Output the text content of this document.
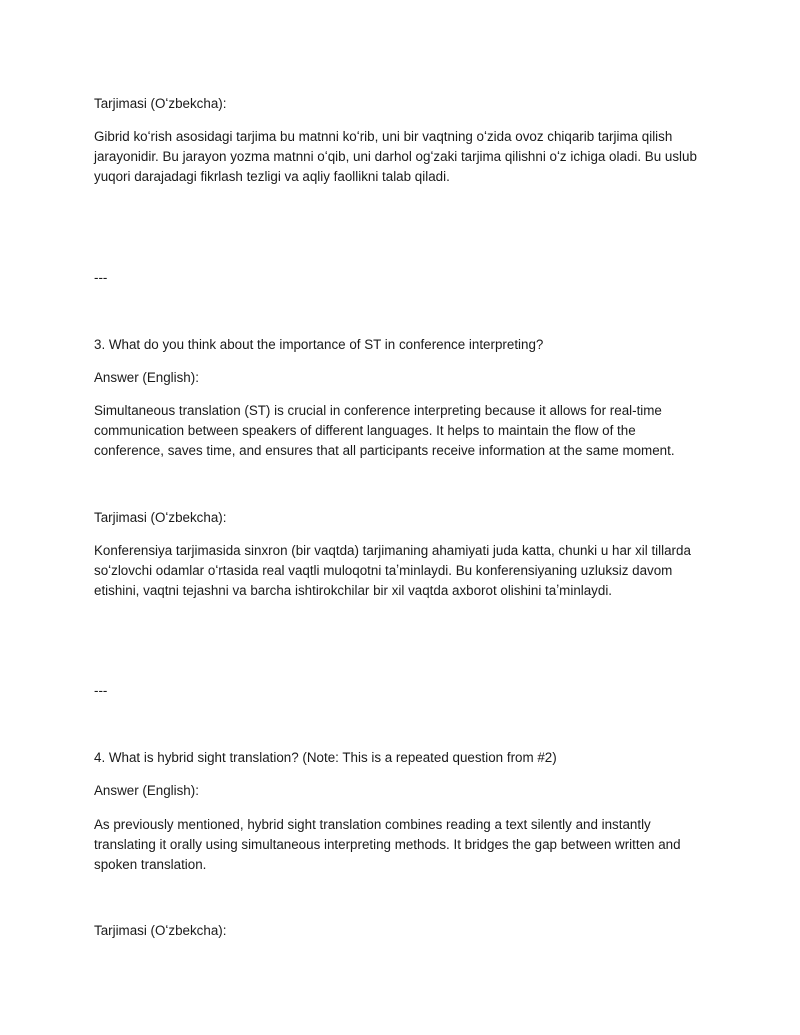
Tarjimasi (Oʻzbekcha):

Gibrid koʻrish asosidagi tarjima bu matnni koʻrib, uni bir vaqtning oʻzida ovoz chiqarib tarjima qilish
jarayonidir. Bu jarayon yozma matnni oʻqib, uni darhol ogʻzaki tarjima qilishni oʻz ichiga oladi. Bu uslub
yuqori darajadagi fikrlash tezligi va aqliy faollikni talab qiladi.

---

3. What do you think about the importance of ST in conference interpreting?

Answer (English):

Simultaneous translation (ST) is crucial in conference interpreting because it allows for real-time
communication between speakers of different languages. It helps to maintain the flow of the
conference, saves time, and ensures that all participants receive information at the same moment.

Tarjimasi (Oʻzbekcha):

Konferensiya tarjimasida sinxron (bir vaqtda) tarjimaning ahamiyati juda katta, chunki u har xil tillarda
soʻzlovchi odamlar oʻrtasida real vaqtli muloqotni taʼminlaydi. Bu konferensiyaning uzluksiz davom
etishini, vaqtni tejashni va barcha ishtirokchilar bir xil vaqtda axborot olishini taʼminlaydi.

---

4. What is hybrid sight translation? (Note: This is a repeated question from #2)

Answer (English):

As previously mentioned, hybrid sight translation combines reading a text silently and instantly
translating it orally using simultaneous interpreting methods. It bridges the gap between written and
spoken translation.

Tarjimasi (Oʻzbekcha):
